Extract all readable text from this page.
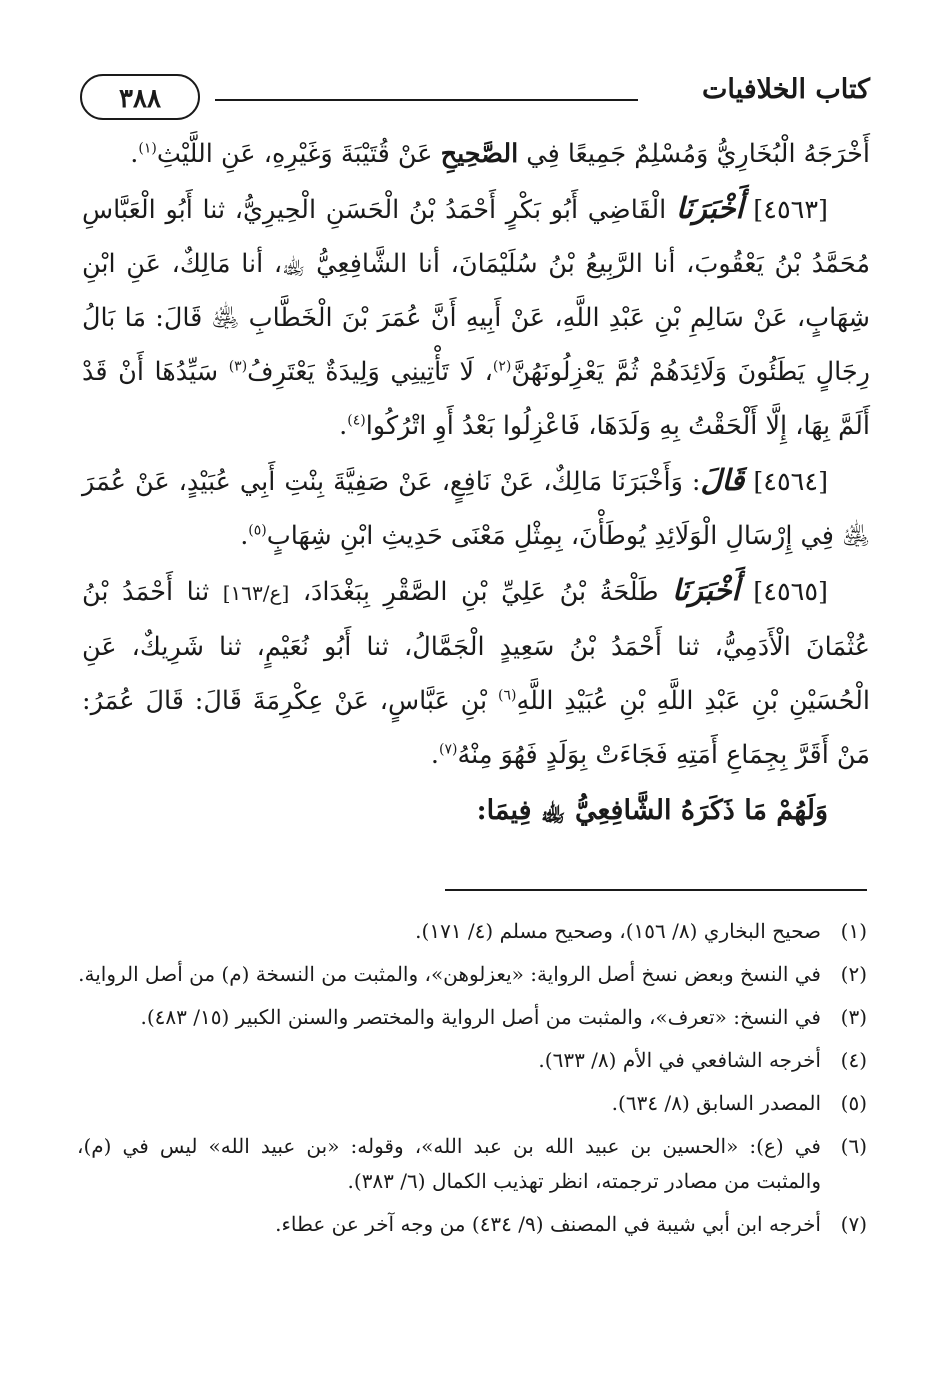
كتاب الخلافيات
٣٨٨

أَخْرَجَهُ الْبُخَارِيُّ وَمُسْلِمٌ جَمِيعًا فِي الصَّحِيحِ عَنْ قُتَيْبَةَ وَغَيْرِهِ، عَنِ اللَّيْثِ$^{(١)}$.

[٤٥٦٣] أَخْبَرَنَا الْقَاضِي أَبُو بَكْرٍ أَحْمَدُ بْنُ الْحَسَنِ الْحِيرِيُّ، ثنا أَبُو الْعَبَّاسِ مُحَمَّدُ بْنُ يَعْقُوبَ، أنا الرَّبِيعُ بْنُ سُلَيْمَانَ، أنا الشَّافِعِيُّ ﵀، أنا مَالِكٌ، عَنِ ابْنِ شِهَابٍ، عَنْ سَالِمِ بْنِ عَبْدِ اللَّهِ، عَنْ أَبِيهِ أَنَّ عُمَرَ بْنَ الْخَطَّابِ ﵁ قَالَ: مَا بَالُ رِجَالٍ يَطَئُونَ وَلَائِدَهُمْ ثُمَّ يَعْزِلُونَهُنَّ$^{(٢)}$، لَا تَأْتِينِي وَلِيدَةٌ يَعْتَرِفُ$^{(٣)}$ سَيِّدُهَا أَنْ قَدْ أَلَمَّ بِهَا، إِلَّا أَلْحَقْتُ بِهِ وَلَدَهَا، فَاعْزِلُوا بَعْدُ أَوِ اتْرُكُوا$^{(٤)}$.

[٤٥٦٤] قَالَ: وَأَخْبَرَنَا مَالِكٌ، عَنْ نَافِعٍ، عَنْ صَفِيَّةَ بِنْتِ أَبِي عُبَيْدٍ، عَنْ عُمَرَ ﵁ فِي إِرْسَالِ الْوَلَائِدِ يُوطَأْنَ، بِمِثْلِ مَعْنَى حَدِيثِ ابْنِ شِهَابٍ$^{(٥)}$.

[٤٥٦٥] أَخْبَرَنَا طَلْحَةُ بْنُ عَلِيِّ بْنِ الصَّقْرِ بِبَغْدَادَ، [ع/١٦٣] ثنا أَحْمَدُ بْنُ عُثْمَانَ الْأَدَمِيُّ، ثنا أَحْمَدُ بْنُ سَعِيدٍ الْجَمَّالُ، ثنا أَبُو نُعَيْمٍ، ثنا شَرِيكٌ، عَنِ الْحُسَيْنِ بْنِ عَبْدِ اللَّهِ بْنِ عُبَيْدِ اللَّهِ$^{(٦)}$ بْنِ عَبَّاسٍ، عَنْ عِكْرِمَةَ قَالَ: قَالَ عُمَرُ: مَنْ أَقَرَّ بِجِمَاعِ أَمَتِهِ فَجَاءَتْ بِوَلَدٍ فَهُوَ مِنْهُ$^{(٧)}$.

وَلَهُمْ مَا ذَكَرَهُ الشَّافِعِيُّ ﵀ فِيمَا:

(١)
صحيح البخاري (٨/ ١٥٦)، وصحيح مسلم (٤/ ١٧١).
(٢)
في النسخ وبعض نسخ أصل الرواية: «يعزلوهن»، والمثبت من النسخة (م) من أصل الرواية.
(٣)
في النسخ: «تعرف»، والمثبت من أصل الرواية والمختصر والسنن الكبير (١٥/ ٤٨٣).
(٤)
أخرجه الشافعي في الأم (٨/ ٦٣٣).
(٥)
المصدر السابق (٨/ ٦٣٤).
(٦)
في (ع): «الحسين بن عبيد الله بن عبد الله»، وقوله: «بن عبيد الله» ليس في (م)، والمثبت من مصادر ترجمته، انظر تهذيب الكمال (٦/ ٣٨٣).
(٧)
أخرجه ابن أبي شيبة في المصنف (٩/ ٤٣٤) من وجه آخر عن عطاء.
